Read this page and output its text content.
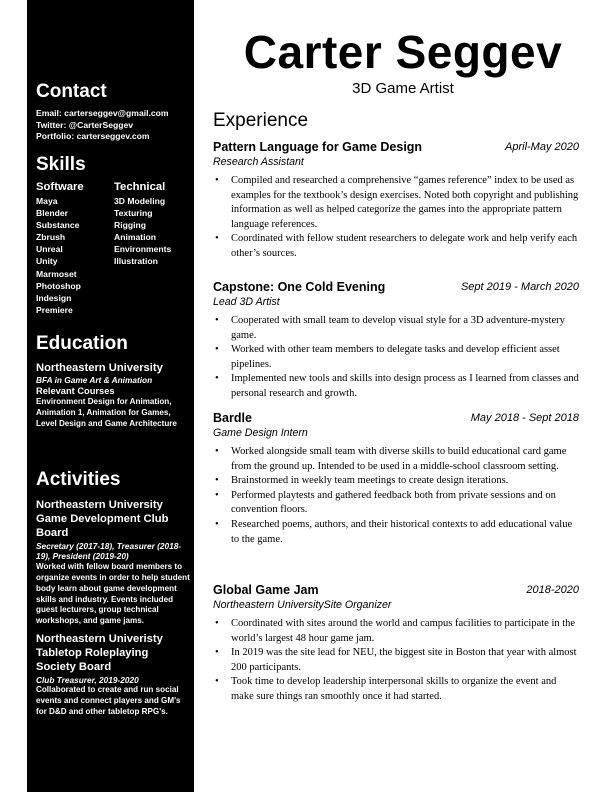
Contact
Email: carterseggev@gmail.com
Twitter: @CarterSeggev
Portfolio: carterseggev.com
Skills
Software
Maya
Blender
Substance
Zbrush
Unreal
Unity
Marmoset
Photoshop
Indesign
Premiere
Technical
3D Modeling
Texturing
Rigging
Animation
Environments
Illustration
Education
Northeastern University
BFA in Game Art & Animation
Relevant Courses
Environment Design for Animation, Animation 1, Animation for Games, Level Design and Game Architecture
Activities
Northeastern University Game Development Club Board
Secretary (2017-18), Treasurer (2018-19), President (2019-20)
Worked with fellow board members to organize events in order to help student body learn about game development skills and industry. Events included guest lecturers, group technical workshops, and game jams.
Northeastern Univeristy Tabletop Roleplaying Society Board
Club Treasurer, 2019-2020
Collaborated to create and run social events and connect players and GM's for D&D and other tabletop RPG's.
Carter Seggev
3D Game Artist
Experience
Pattern Language for Game Design	April-May 2020
Research Assistant
• Compiled and researched a comprehensive “games reference” index to be used as examples for the textbook’s design exercises. Noted both copyright and publishing information as well as helped categorize the games into the appropriate pattern language references.
• Coordinated with fellow student researchers to delegate work and help verify each other’s sources.
Capstone: One Cold Evening	Sept 2019 - March 2020
Lead 3D Artist
• Cooperated with small team to develop visual style for a 3D adventure-mystery game.
• Worked with other team members to delegate tasks and develop efficient asset pipelines.
• Implemented new tools and skills into design process as I learned from classes and personal research and growth.
Bardle	May 2018 - Sept 2018
Game Design Intern
• Worked alongside small team with diverse skills to build educational card game from the ground up. Intended to be used in a middle-school classroom setting.
• Brainstormed in weekly team meetings to create design iterations.
• Performed playtests and gathered feedback both from private sessions and on convention floors.
• Researched poems, authors, and their historical contexts to add educational value to the game.
Global Game Jam	2018-2020
Northeastern UniversitySite Organizer
• Coordinated with sites around the world and campus facilities to participate in the world’s largest 48 hour game jam.
• In 2019 was the site lead for NEU, the biggest site in Boston that year with almost 200 participants.
• Took time to develop leadership interpersonal skills to organize the event and make sure things ran smoothly once it had started.
